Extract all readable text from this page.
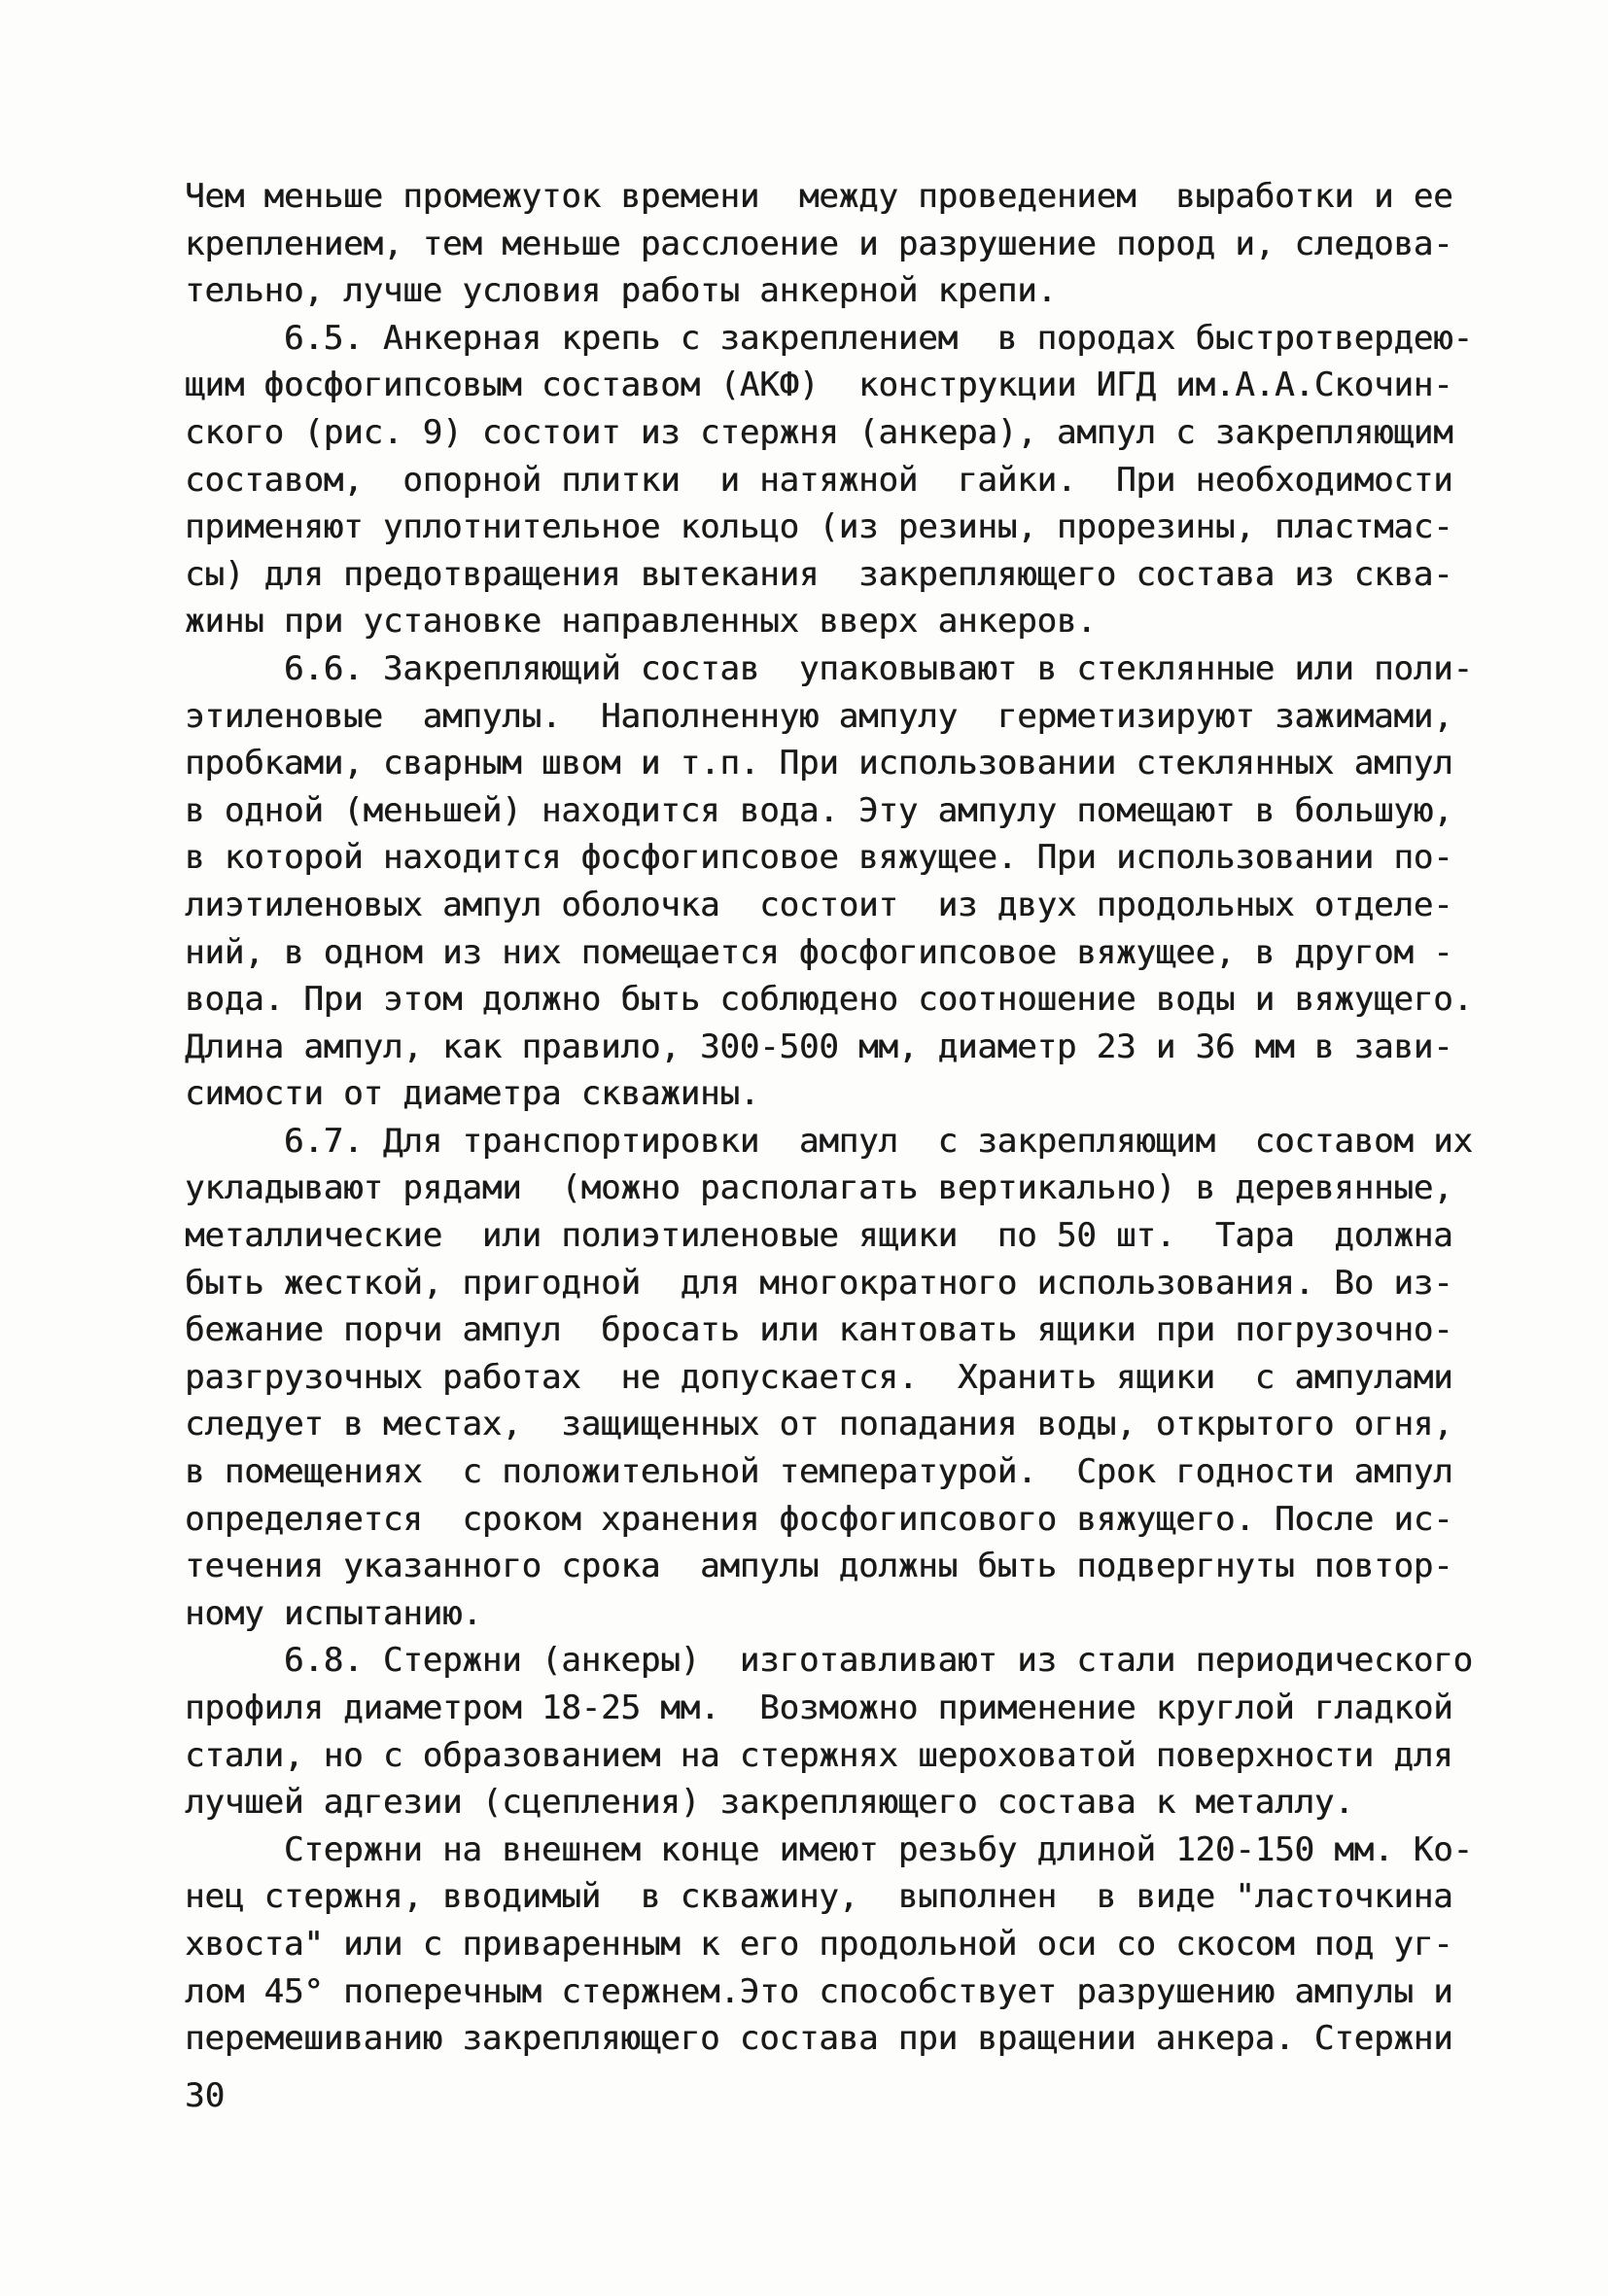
Чем меньше промежуток времени  между проведением  выработки и ее
креплением, тем меньше расслоение и разрушение пород и, следова-
тельно, лучше условия работы анкерной крепи.
6.5. Анкерная крепь с закреплением  в породах быстротвердею-
щим фосфогипсовым составом (АКФ)  конструкции ИГД им.А.А.Скочин-
ского (рис. 9) состоит из стержня (анкера), ампул с закрепляющим
составом,  опорной плитки  и натяжной  гайки.  При необходимости
применяют уплотнительное кольцо (из резины, прорезины, пластмас-
сы) для предотвращения вытекания  закрепляющего состава из сква-
жины при установке направленных вверх анкеров.
6.6. Закрепляющий состав  упаковывают в стеклянные или поли-
этиленовые  ампулы.  Наполненную ампулу  герметизируют зажимами,
пробками, сварным швом и т.п. При использовании стеклянных ампул
в одной (меньшей) находится вода. Эту ампулу помещают в большую,
в которой находится фосфогипсовое вяжущее. При использовании по-
лиэтиленовых ампул оболочка  состоит  из двух продольных отделе-
ний, в одном из них помещается фосфогипсовое вяжущее, в другом -
вода. При этом должно быть соблюдено соотношение воды и вяжущего.
Длина ампул, как правило, 300-500 мм, диаметр 23 и 36 мм в зави-
симости от диаметра скважины.
6.7. Для транспортировки  ампул  с закрепляющим  составом их
укладывают рядами  (можно располагать вертикально) в деревянные,
металлические  или полиэтиленовые ящики  по 50 шт.  Тара  должна
быть жесткой, пригодной  для многократного использования. Во из-
бежание порчи ампул  бросать или кантовать ящики при погрузочно-
разгрузочных работах  не допускается.  Хранить ящики  с ампулами
следует в местах,  защищенных от попадания воды, открытого огня,
в помещениях  с положительной температурой.  Срок годности ампул
определяется  сроком хранения фосфогипсового вяжущего. После ис-
течения указанного срока  ампулы должны быть подвергнуты повтор-
ному испытанию.
6.8. Стержни (анкеры)  изготавливают из стали периодического
профиля диаметром 18-25 мм.  Возможно применение круглой гладкой
стали, но с образованием на стержнях шероховатой поверхности для
лучшей адгезии (сцепления) закрепляющего состава к металлу.
Стержни на внешнем конце имеют резьбу длиной 120-150 мм. Ко-
нец стержня, вводимый  в скважину,  выполнен  в виде "ласточкина
хвоста" или с приваренным к его продольной оси со скосом под уг-
лом 45° поперечным стержнем.Это способствует разрушению ампулы и
перемешиванию закрепляющего состава при вращении анкера. Стержни
30
